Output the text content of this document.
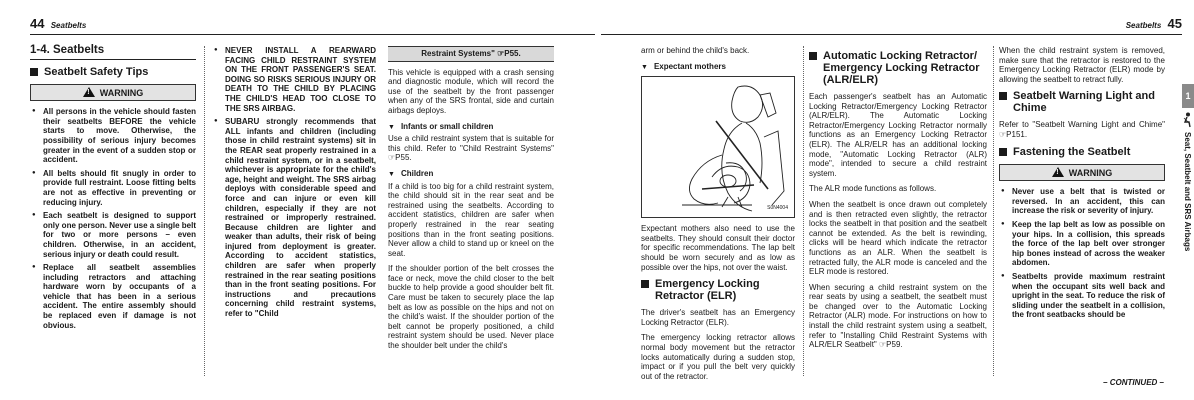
44 Seatbelts
1-4. Seatbelts
Seatbelt Safety Tips
!WARNING
● All persons in the vehicle should fasten their seatbelts BEFORE the vehicle starts to move. Otherwise, the possibility of serious injury becomes greater in the event of a sudden stop or accident.
● All belts should fit snugly in order to provide full restraint. Loose fitting belts are not as effective in preventing or reducing injury.
● Each seatbelt is designed to support only one person. Never use a single belt for two or more persons – even children. Otherwise, in an accident, serious injury or death could result.
● Replace all seatbelt assemblies including retractors and attaching hardware worn by occupants of a vehicle that has been in a serious accident. The entire assembly should be replaced even if damage is not obvious.
● NEVER INSTALL A REARWARD FACING CHILD RESTRAINT SYSTEM ON THE FRONT PASSENGER'S SEAT. DOING SO RISKS SERIOUS INJURY OR DEATH TO THE CHILD BY PLACING THE CHILD'S HEAD TOO CLOSE TO THE SRS AIRBAG.
● SUBARU strongly recommends that ALL infants and children (including those in child restraint systems) sit in the REAR seat properly restrained in a child restraint system, or in a seatbelt, whichever is appropriate for the child's age, height and weight. The SRS airbag deploys with considerable speed and force and can injure or even kill children, especially if they are not restrained or improperly restrained. Because children are lighter and weaker than adults, their risk of being injured from deployment is greater. According to accident statistics, children are safer when properly restrained in the rear seating positions than in the front seating positions. For instructions and precautions concerning child restraint systems, refer to "Child
Restraint Systems" ☞P55.

This vehicle is equipped with a crash sensing and diagnostic module, which will record the use of the seatbelt by the front passenger when any of the SRS frontal, side and curtain airbags deploys.

▼ Infants or small children

Use a child restraint system that is suitable for this child. Refer to "Child Restraint Systems" ☞P55.

▼ Children

If a child is too big for a child restraint system, the child should sit in the rear seat and be restrained using the seatbelts. According to accident statistics, children are safer when properly restrained in the rear seating positions than in the front seating positions. Never allow a child to stand up or kneel on the seat.

If the shoulder portion of the belt crosses the face or neck, move the child closer to the belt buckle to help provide a good shoulder belt fit. Care must be taken to securely place the lap belt as low as possible on the hips and not on the child's waist. If the shoulder portion of the belt cannot be properly positioned, a child restraint system should be used. Never place the shoulder belt under the child's

Seatbelts 45

arm or behind the child's back.

▼ Expectant mothers
S0N4004

Expectant mothers also need to use the seatbelts. They should consult their doctor for specific recommendations. The lap belt should be worn securely and as low as possible over the hips, not over the waist.

Emergency Locking Retractor (ELR)

The driver's seatbelt has an Emergency Locking Retractor (ELR).

The emergency locking retractor allows normal body movement but the retractor locks automatically during a sudden stop, impact or if you pull the belt very quickly out of the retractor.

Automatic Locking Retractor/ Emergency Locking Retractor (ALR/ELR)

Each passenger's seatbelt has an Automatic Locking Retractor/Emergency Locking Retractor (ALR/ELR). The Automatic Locking Retractor/Emergency Locking Retractor normally functions as an Emergency Locking Retractor (ELR). The ALR/ELR has an additional locking mode, "Automatic Locking Retractor (ALR) mode", intended to secure a child restraint system.

The ALR mode functions as follows.

When the seatbelt is once drawn out completely and is then retracted even slightly, the retractor locks the seatbelt in that position and the seatbelt cannot be extended. As the belt is rewinding, clicks will be heard which indicate the retractor functions as an ALR. When the seatbelt is retracted fully, the ALR mode is canceled and the ELR mode is restored.

When securing a child restraint system on the rear seats by using a seatbelt, the seatbelt must be changed over to the Automatic Locking Retractor (ALR) mode. For instructions on how to install the child restraint system using a seatbelt, refer to "Installing Child Restraint Systems with ALR/ELR Seatbelt" ☞P59.

When the child restraint system is removed, make sure that the retractor is restored to the Emergency Locking Retractor (ELR) mode by allowing the seatbelt to retract fully.

Seatbelt Warning Light and Chime

Refer to "Seatbelt Warning Light and Chime" ☞P151.

Fastening the Seatbelt
!WARNING
● Never use a belt that is twisted or reversed. In an accident, this can increase the risk or severity of injury.
● Keep the lap belt as low as possible on your hips. In a collision, this spreads the force of the lap belt over stronger hip bones instead of across the weaker abdomen.
● Seatbelts provide maximum restraint when the occupant sits well back and upright in the seat. To reduce the risk of sliding under the seatbelt in a collision, the front seatbacks should be
1
Seat, Seatbelt and SRS Airbags
– CONTINUED –
